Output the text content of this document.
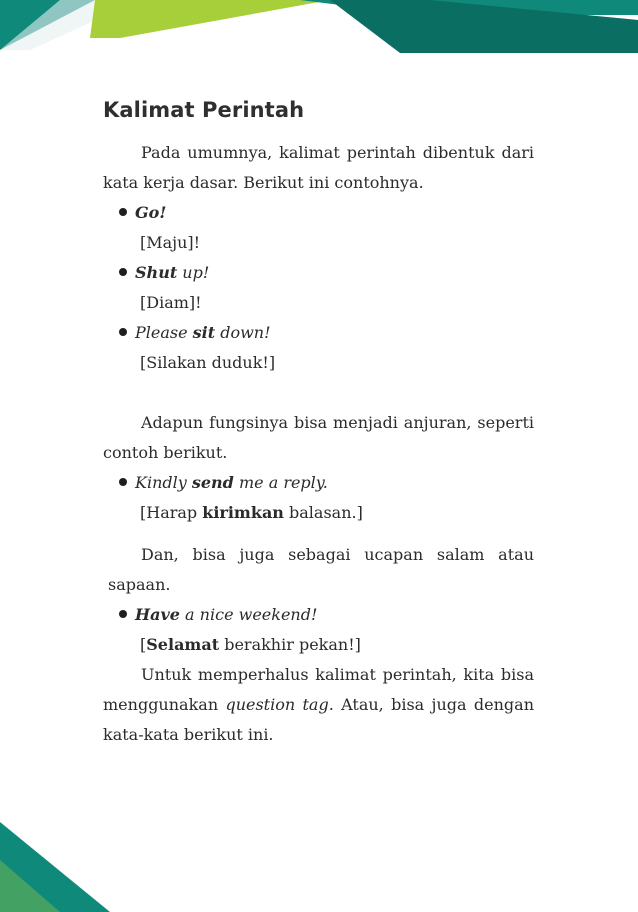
Kalimat Perintah

Pada umumnya, kalimat perintah dibentuk dari kata kerja dasar. Berikut ini contohnya.

Go!
[Maju]!
Shut up!
[Diam]!
Please sit down!
[Silakan duduk!]

Adapun fungsinya bisa menjadi anjuran, seperti contoh berikut.

Kindly send me a reply.
[Harap kirimkan balasan.]
Dan, bisa juga sebagai ucapan salam atau
sapaan.
Have a nice weekend!
[Selamat berakhir pekan!]

Untuk memperhalus kalimat perintah, kita bisa menggunakan question tag. Atau, bisa juga dengan kata-kata berikut ini.
